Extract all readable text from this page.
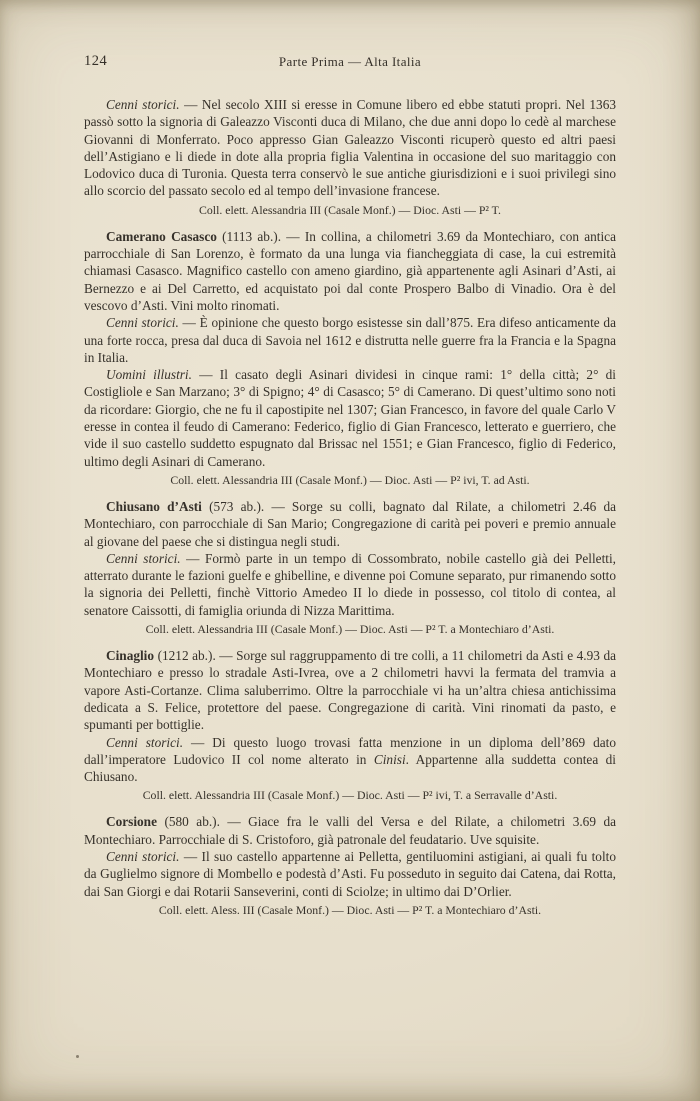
124	Parte Prima — Alta Italia

Cenni storici. — Nel secolo XIII si eresse in Comune libero ed ebbe statuti propri. Nel 1363 passò sotto la signoria di Galeazzo Visconti duca di Milano, che due anni dopo lo cedè al marchese Giovanni di Monferrato. Poco appresso Gian Galeazzo Visconti ricuperò questo ed altri paesi dell’Astigiano e li diede in dote alla propria figlia Valentina in occasione del suo maritaggio con Lodovico duca di Turonia. Questa terra conservò le sue antiche giurisdizioni e i suoi privilegi sino allo scorcio del passato secolo ed al tempo dell’invasione francese.

Coll. elett. Alessandria III (Casale Monf.) — Dioc. Asti — P² T.

Camerano Casasco (1113 ab.). — In collina, a chilometri 3.69 da Montechiaro, con antica parrocchiale di San Lorenzo, è formato da una lunga via fiancheggiata di case, la cui estremità chiamasi Casasco. Magnifico castello con ameno giardino, già appartenente agli Asinari d’Asti, ai Bernezzo e ai Del Carretto, ed acquistato poi dal conte Prospero Balbo di Vinadio. Ora è del vescovo d’Asti. Vini molto rinomati.

Cenni storici. — È opinione che questo borgo esistesse sin dall’875. Era difeso anticamente da una forte rocca, presa dal duca di Savoia nel 1612 e distrutta nelle guerre fra la Francia e la Spagna in Italia.

Uomini illustri. — Il casato degli Asinari dividesi in cinque rami: 1° della città; 2° di Costigliole e San Marzano; 3° di Spigno; 4° di Casasco; 5° di Camerano. Di quest’ultimo sono noti da ricordare: Giorgio, che ne fu il capostipite nel 1307; Gian Francesco, in favore del quale Carlo V eresse in contea il feudo di Camerano: Federico, figlio di Gian Francesco, letterato e guerriero, che vide il suo castello suddetto espugnato dal Brissac nel 1551; e Gian Francesco, figlio di Federico, ultimo degli Asinari di Camerano.

Coll. elett. Alessandria III (Casale Monf.) — Dioc. Asti — P² ivi, T. ad Asti.

Chiusano d’Asti (573 ab.). — Sorge su colli, bagnato dal Rilate, a chilometri 2.46 da Montechiaro, con parrocchiale di San Mario; Congregazione di carità pei poveri e premio annuale al giovane del paese che si distingua negli studi.

Cenni storici. — Formò parte in un tempo di Cossombrato, nobile castello già dei Pelletti, atterrato durante le fazioni guelfe e ghibelline, e divenne poi Comune separato, pur rimanendo sotto la signoria dei Pelletti, finchè Vittorio Amedeo II lo diede in possesso, col titolo di contea, al senatore Caissotti, di famiglia oriunda di Nizza Marittima.

Coll. elett. Alessandria III (Casale Monf.) — Dioc. Asti — P² T. a Montechiaro d’Asti.

Cinaglio (1212 ab.). — Sorge sul raggruppamento di tre colli, a 11 chilometri da Asti e 4.93 da Montechiaro e presso lo stradale Asti-Ivrea, ove a 2 chilometri havvi la fermata del tramvia a vapore Asti-Cortanze. Clima saluberrimo. Oltre la parrocchiale vi ha un’altra chiesa antichissima dedicata a S. Felice, protettore del paese. Congregazione di carità. Vini rinomati da pasto, e spumanti per bottiglie.

Cenni storici. — Di questo luogo trovasi fatta menzione in un diploma dell’869 dato dall’imperatore Ludovico II col nome alterato in Cinisi. Appartenne alla suddetta contea di Chiusano.

Coll. elett. Alessandria III (Casale Monf.) — Dioc. Asti — P² ivi, T. a Serravalle d’Asti.

Corsione (580 ab.). — Giace fra le valli del Versa e del Rilate, a chilometri 3.69 da Montechiaro. Parrocchiale di S. Cristoforo, già patronale del feudatario. Uve squisite.

Cenni storici. — Il suo castello appartenne ai Pelletta, gentiluomini astigiani, ai quali fu tolto da Guglielmo signore di Mombello e podestà d’Asti. Fu posseduto in seguito dai Catena, dai Rotta, dai San Giorgi e dai Rotarii Sanseverini, conti di Sciolze; in ultimo dai D’Orlier.

Coll. elett. Aless. III (Casale Monf.) — Dioc. Asti — P² T. a Montechiaro d’Asti.
